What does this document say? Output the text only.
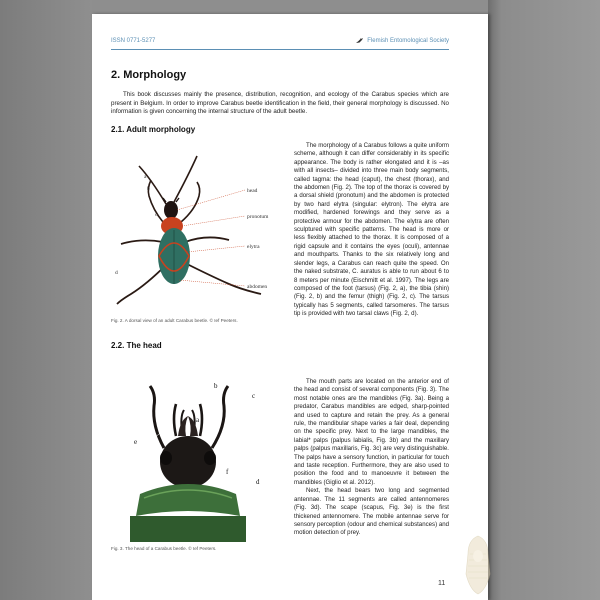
ISSN 0771-5277	Flemish Entomological Society
2. Morphology

This book discusses mainly the presence, distribution, recognition, and ecology of the Carabus species which are present in Belgium. In order to improve Carabus beetle identification in the field, their general morphology is discussed. No information is given concerning the internal structure of the adult beetle.

2.1. Adult morphology
head
pronotum
elytra
abdomen
a
b
c
d
Fig. 2. A dorsal view of an adult Carabus beetle. © Ief Peeters.

The morphology of a Carabus follows a quite uniform scheme, although it can differ considerably in its specific appearance. The body is rather elongated and it is –as with all insects– divided into three main body segments, called tagma: the head (caput), the chest (thorax), and the abdomen (Fig. 2). The top of the thorax is covered by a dorsal shield (pronotum) and the abdomen is protected by two hard elytra (singular: elytron). The elytra are modified, hardened forewings and they serve as a protective armour for the abdomen. The elytra are often sculptured with specific patterns. The head is more or less flexibly attached to the thorax. It is composed of a rigid capsule and it contains the eyes (oculi), antennae and mouthparts. Thanks to the six relatively long and slender legs, a Carabus can reach quite the speed. On the naked substrate, C. auratus is able to run about 6 to 8 meters per minute (Eischmitt et al. 1997). The legs are composed of the foot (tarsus) (Fig. 2, a), the tibia (shin) (Fig. 2, b) and the femur (thigh) (Fig. 2, c). The tarsus typically has 5 segments, called tarsomeres. The tarsus tip is provided with two tarsal claws (Fig. 2, d).

2.2. The head
a
b
c
d
e
f
Fig. 3. The head of a Carabus beetle. © Ief Peeters.

The mouth parts are located on the anterior end of the head and consist of several components (Fig. 3). The most notable ones are the mandibles (Fig. 3a). Being a predator, Carabus mandibles are edged, sharp-pointed and used to capture and retain the prey. As a general rule, the mandibular shape varies a fair deal, depending on the specific prey. Next to the large mandibles, the labial* palps (palpus labialis, Fig. 3b) and the maxillary palps (palpus maxillaris, Fig. 3c) are very distinguishable. The palps have a sensory function, in particular for touch and taste reception. Furthermore, they are also used to position the food and to manoeuvre it between the mandibles (Giglio et al. 2012).

Next, the head bears two long and segmented antennae. The 11 segments are called antennomeres (Fig. 3d). The scape (scapus, Fig. 3e) is the first thickened antennomere. The mobile antennae serve for sensory perception (odour and chemical substances) and motion detection of prey.

11
